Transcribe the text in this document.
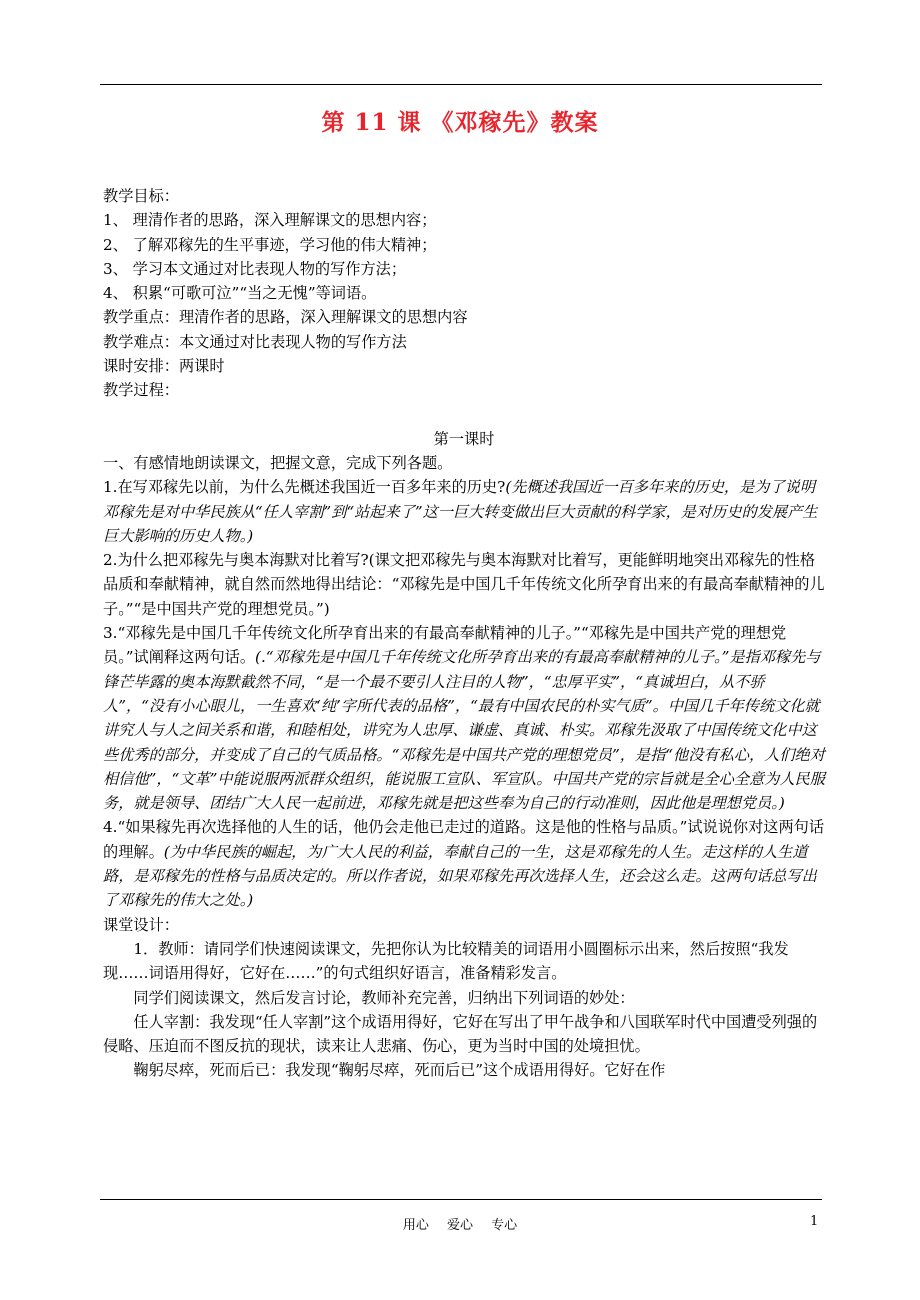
第 11 课 《邓稼先》教案

教学目标：

1、 理清作者的思路，深入理解课文的思想内容；

2、 了解邓稼先的生平事迹，学习他的伟大精神；

3、 学习本文通过对比表现人物的写作方法；

4、 积累“可歌可泣”“当之无愧”等词语。

教学重点：理清作者的思路，深入理解课文的思想内容

教学难点：本文通过对比表现人物的写作方法

课时安排：两课时

教学过程：

第一课时

一、有感情地朗读课文，把握文意，完成下列各题。

1.在写邓稼先以前，为什么先概述我国近一百多年来的历史?(先概述我国近一百多年来的历史，是为了说明邓稼先是对中华民族从“任人宰割”到“站起来了”这一巨大转变做出巨大贡献的科学家，是对历史的发展产生巨大影响的历史人物。)

2.为什么把邓稼先与奥本海默对比着写?(课文把邓稼先与奥本海默对比着写，更能鲜明地突出邓稼先的性格品质和奉献精神，就自然而然地得出结论：“邓稼先是中国几千年传统文化所孕育出来的有最高奉献精神的儿子。”“是中国共产党的理想党员。”)

3.“邓稼先是中国几千年传统文化所孕育出来的有最高奉献精神的儿子。”“邓稼先是中国共产党的理想党员。”试阐释这两句话。(.“邓稼先是中国几千年传统文化所孕育出来的有最高奉献精神的儿子。”是指邓稼先与锋芒毕露的奥本海默截然不同，“是一个最不要引人注目的人物”，“忠厚平实”，“真诚坦白，从不骄人”，“没有小心眼儿，一生喜欢‘纯’字所代表的品格”，“最有中国农民的朴实气质”。中国几千年传统文化就讲究人与人之间关系和谐，和睦相处，讲究为人忠厚、谦虚、真诚、朴实。邓稼先汲取了中国传统文化中这些优秀的部分，并变成了自己的气质品格。“邓稼先是中国共产党的理想党员”，是指“他没有私心，人们绝对相信他”，“文革”中能说服两派群众组织，能说服工宣队、军宣队。中国共产党的宗旨就是全心全意为人民服务，就是领导、团结广大人民一起前进，邓稼先就是把这些奉为自己的行动准则，因此他是理想党员。)

4.“如果稼先再次选择他的人生的话，他仍会走他已走过的道路。这是他的性格与品质。”试说说你对这两句话的理解。(为中华民族的崛起，为广大人民的利益，奉献自己的一生，这是邓稼先的人生。走这样的人生道路，是邓稼先的性格与品质决定的。所以作者说，如果邓稼先再次选择人生，还会这么走。这两句话总写出了邓稼先的伟大之处。)

课堂设计：

1．教师：请同学们快速阅读课文，先把你认为比较精美的词语用小圆圈标示出来，然后按照“我发现……词语用得好，它好在……”的句式组织好语言，准备精彩发言。

同学们阅读课文，然后发言讨论，教师补充完善，归纳出下列词语的妙处：

任人宰割：我发现“任人宰割”这个成语用得好，它好在写出了甲午战争和八国联军时代中国遭受列强的侵略、压迫而不图反抗的现状，读来让人悲痛、伤心，更为当时中国的处境担忧。

鞠躬尽瘁，死而后已：我发现“鞠躬尽瘁，死而后已”这个成语用得好。它好在作

用心 爱心 专心	1
